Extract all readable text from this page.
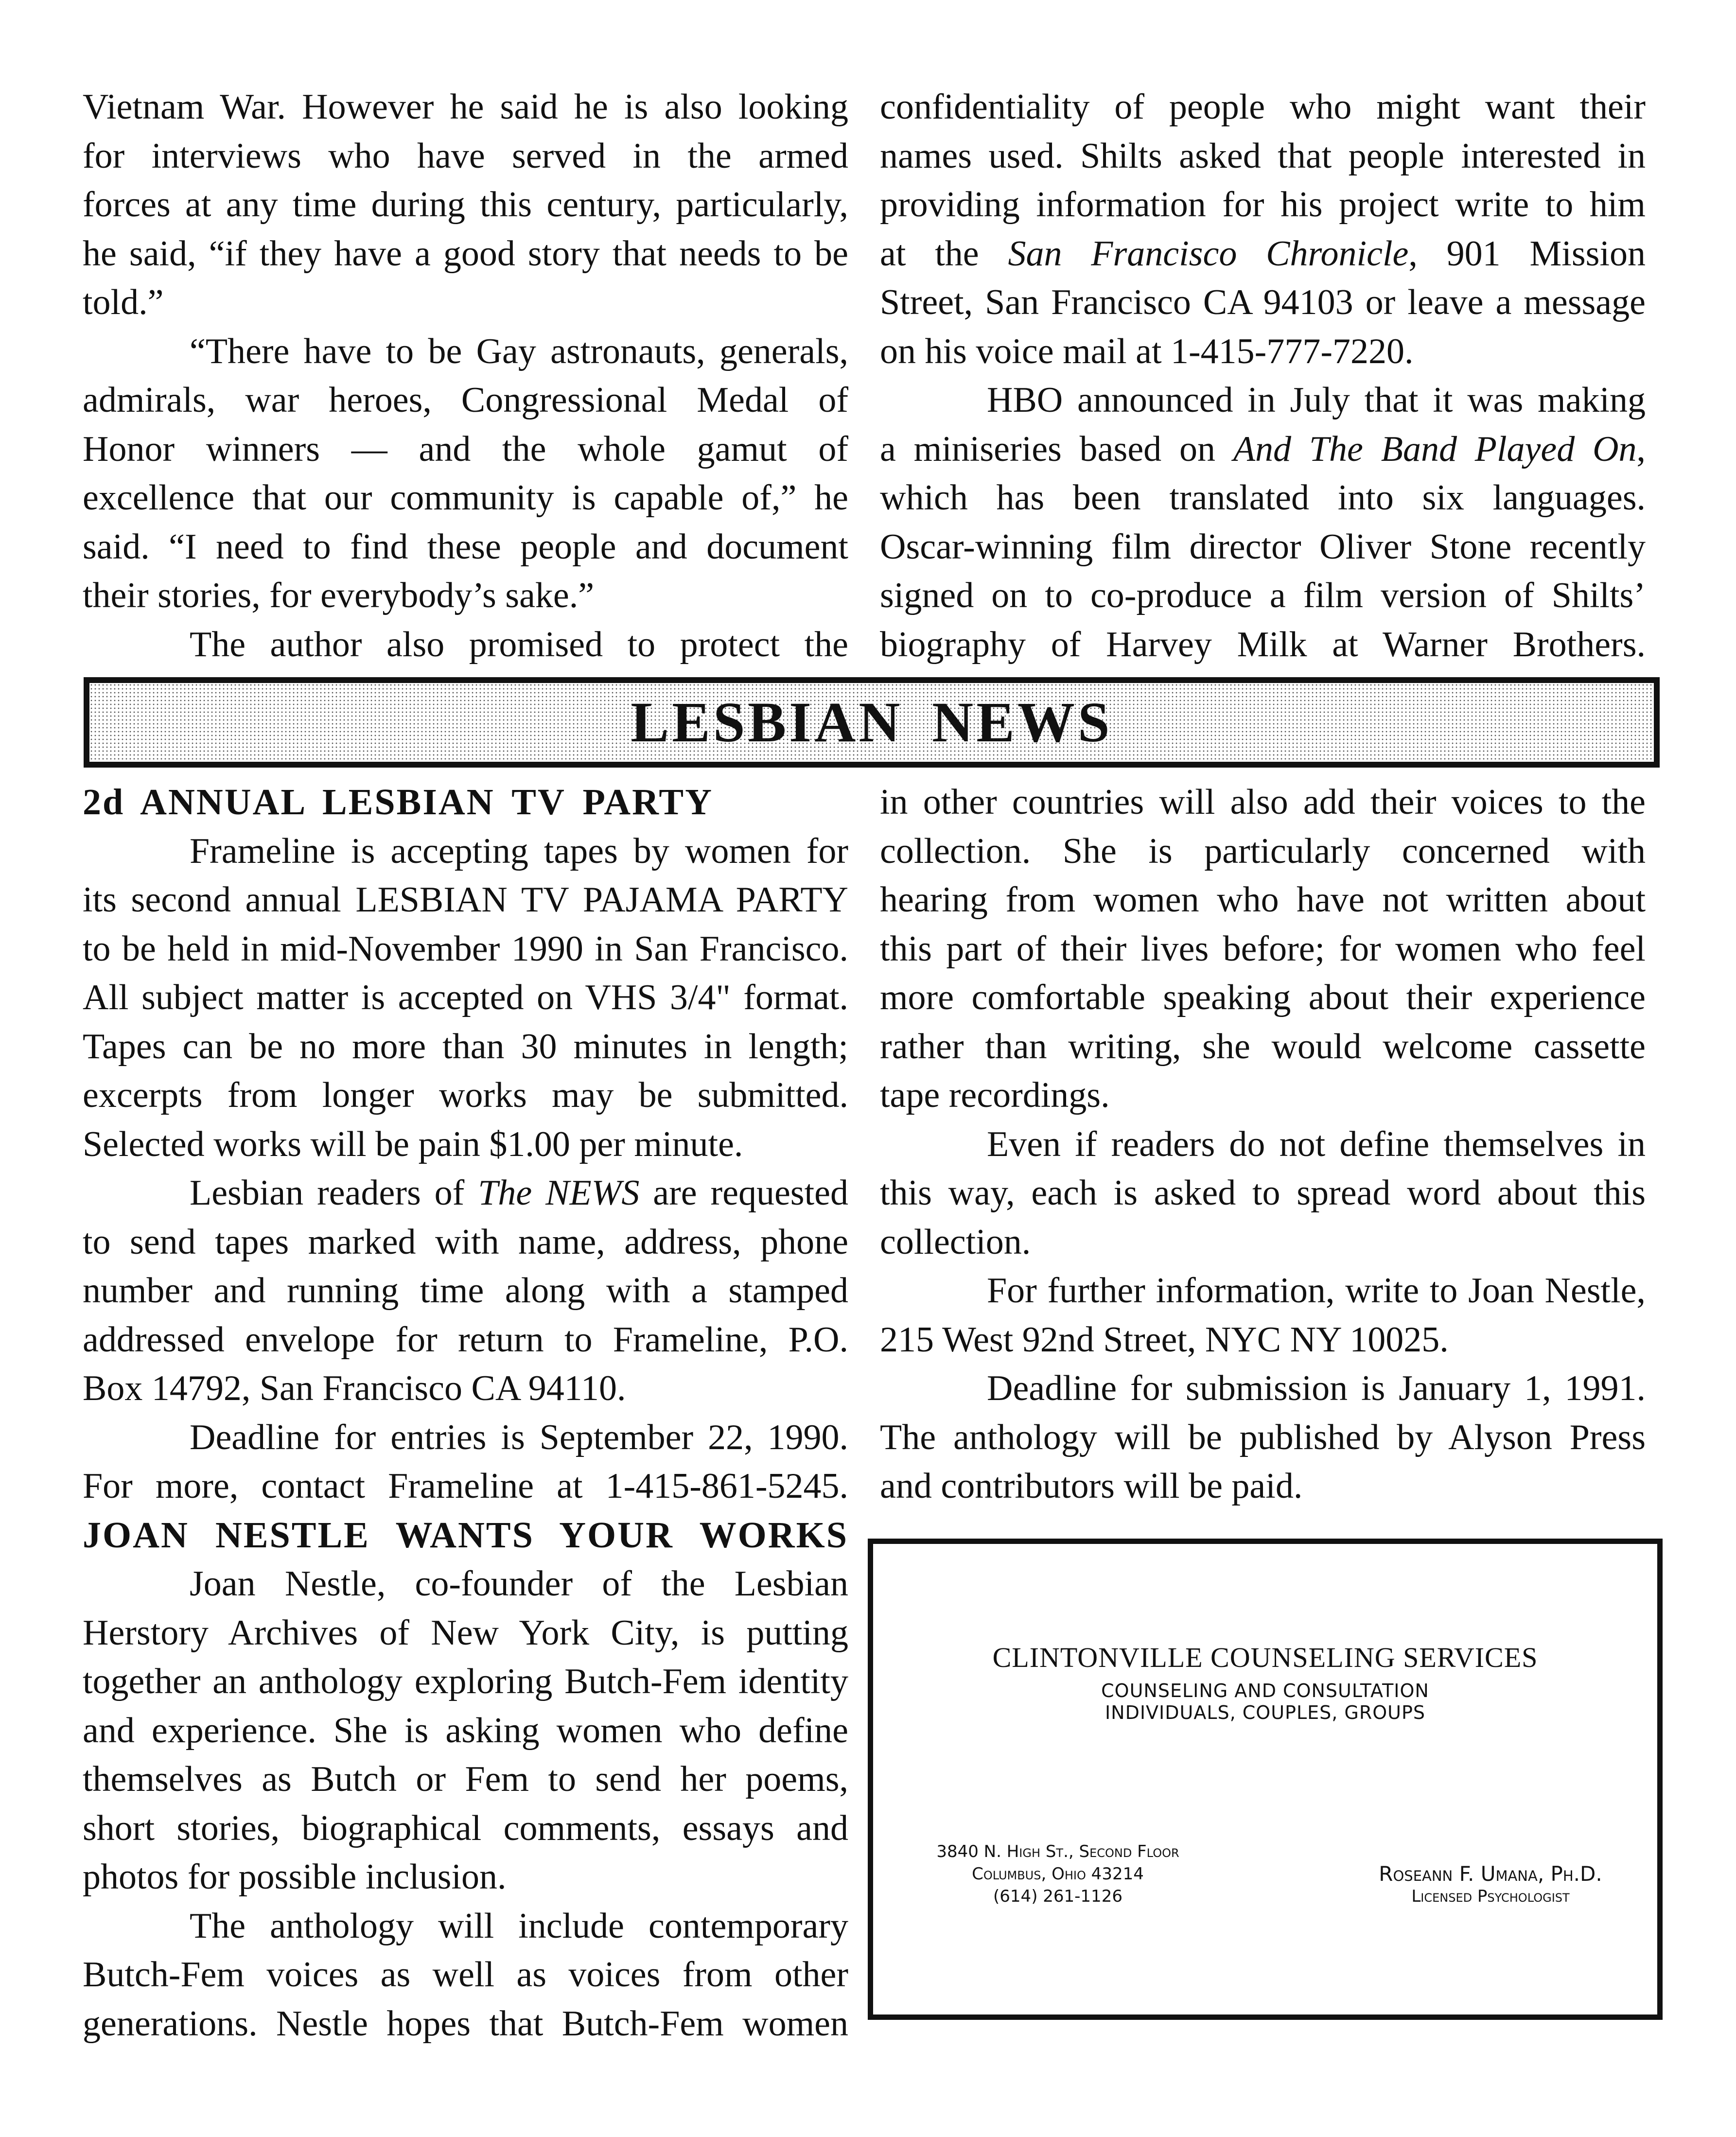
Vietnam War. However he said he is also looking
for interviews who have served in the armed
forces at any time during this century, particularly,
he said, “if they have a good story that needs to be
told.”
“There have to be Gay astronauts, generals,
admirals, war heroes, Congressional Medal of
Honor winners — and the whole gamut of
excellence that our community is capable of,” he
said. “I need to find these people and document
their stories, for everybody’s sake.”
The author also promised to protect the
confidentiality of people who might want their
names used. Shilts asked that people interested in
providing information for his project write to him
at the San Francisco Chronicle, 901 Mission
Street, San Francisco CA 94103 or leave a message
on his voice mail at 1-415-777-7220.
HBO announced in July that it was making
a miniseries based on And The Band Played On,
which has been translated into six languages.
Oscar-winning film director Oliver Stone recently
signed on to co-produce a film version of Shilts’
biography of Harvey Milk at Warner Brothers.
LESBIAN NEWS
2d ANNUAL LESBIAN TV PARTY
Frameline is accepting tapes by women for
its second annual LESBIAN TV PAJAMA PARTY
to be held in mid-November 1990 in San Francisco.
All subject matter is accepted on VHS 3/4" format.
Tapes can be no more than 30 minutes in length;
excerpts from longer works may be submitted.
Selected works will be pain $1.00 per minute.
Lesbian readers of The NEWS are requested
to send tapes marked with name, address, phone
number and running time along with a stamped
addressed envelope for return to Frameline, P.O.
Box 14792, San Francisco CA 94110.
Deadline for entries is September 22, 1990.
For more, contact Frameline at 1-415-861-5245.
JOAN NESTLE WANTS YOUR WORKS
Joan Nestle, co-founder of the Lesbian
Herstory Archives of New York City, is putting
together an anthology exploring Butch-Fem identity
and experience. She is asking women who define
themselves as Butch or Fem to send her poems,
short stories, biographical comments, essays and
photos for possible inclusion.
The anthology will include contemporary
Butch-Fem voices as well as voices from other
generations. Nestle hopes that Butch-Fem women
in other countries will also add their voices to the
collection. She is particularly concerned with
hearing from women who have not written about
this part of their lives before; for women who feel
more comfortable speaking about their experience
rather than writing, she would welcome cassette
tape recordings.
Even if readers do not define themselves in
this way, each is asked to spread word about this
collection.
For further information, write to Joan Nestle,
215 West 92nd Street, NYC NY 10025.
Deadline for submission is January 1, 1991.
The anthology will be published by Alyson Press
and contributors will be paid.
CLINTONVILLE COUNSELING SERVICES
COUNSELING AND CONSULTATION
INDIVIDUALS, COUPLES, GROUPS
3840 N. High St., Second Floor
Columbus, Ohio 43214
(614) 261-1126
Roseann F. Umana, Ph.D.
Licensed Psychologist
